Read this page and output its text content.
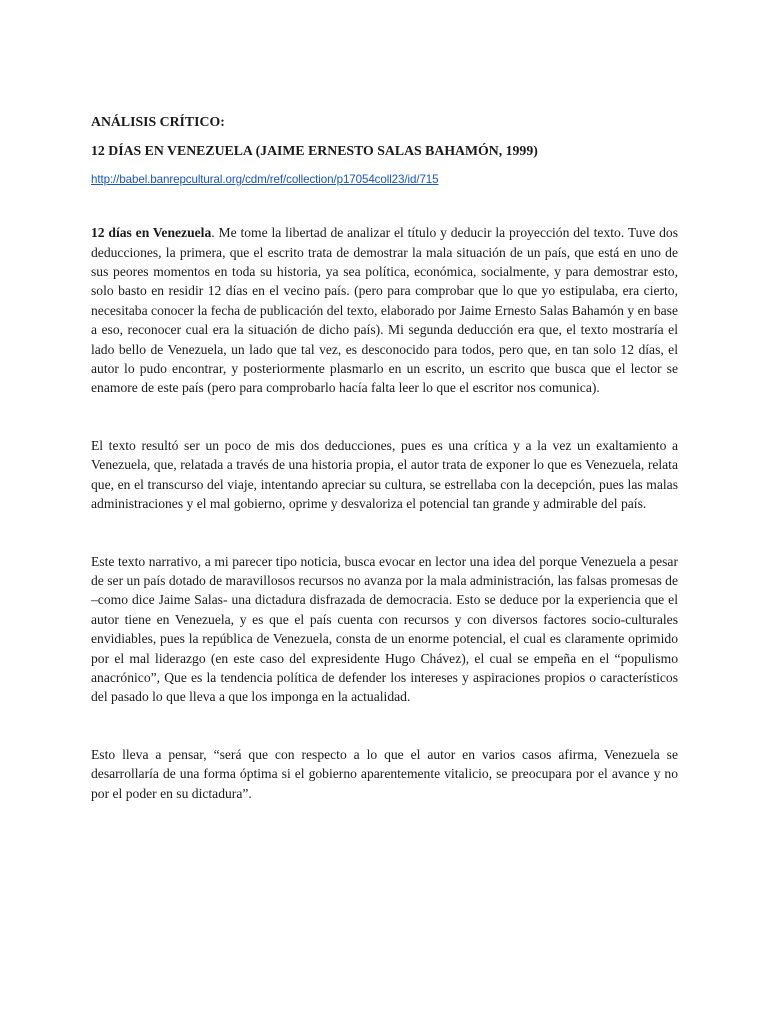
ANÁLISIS CRÍTICO:

12 DÍAS EN VENEZUELA (JAIME ERNESTO SALAS BAHAMÓN, 1999)

http://babel.banrepcultural.org/cdm/ref/collection/p17054coll23/id/715

12 días en Venezuela. Me tome la libertad de analizar el título y deducir la proyección del texto. Tuve dos deducciones, la primera, que el escrito trata de demostrar la mala situación de un país, que está en uno de sus peores momentos en toda su historia, ya sea política, económica, socialmente, y para demostrar esto, solo basto en residir 12 días en el vecino país. (pero para comprobar que lo que yo estipulaba, era cierto, necesitaba conocer la fecha de publicación del texto, elaborado por Jaime Ernesto Salas Bahamón y en base a eso, reconocer cual era la situación de dicho país). Mi segunda deducción era que, el texto mostraría el lado bello de Venezuela, un lado que tal vez, es desconocido para todos, pero que, en tan solo 12 días, el autor lo pudo encontrar, y posteriormente plasmarlo en un escrito, un escrito que busca que el lector se enamore de este país (pero para comprobarlo hacía falta leer lo que el escritor nos comunica).

El texto resultó ser un poco de mis dos deducciones, pues es una crítica y a la vez un exaltamiento a Venezuela, que, relatada a través de una historia propia, el autor trata de exponer lo que es Venezuela, relata que, en el transcurso del viaje, intentando apreciar su cultura, se estrellaba con la decepción, pues las malas administraciones y el mal gobierno, oprime y desvaloriza el potencial tan grande y admirable del país.

Este texto narrativo, a mi parecer tipo noticia, busca evocar en lector una idea del porque Venezuela a pesar de ser un país dotado de maravillosos recursos no avanza por la mala administración, las falsas promesas de –como dice Jaime Salas- una dictadura disfrazada de democracia. Esto se deduce por la experiencia que el autor tiene en Venezuela, y es que el país cuenta con recursos y con diversos factores socio-culturales envidiables, pues la república de Venezuela, consta de un enorme potencial, el cual es claramente oprimido por el mal liderazgo (en este caso del expresidente Hugo Chávez), el cual se empeña en el “populismo anacrónico”, Que es la tendencia política de defender los intereses y aspiraciones propios o característicos del pasado lo que lleva a que los imponga en la actualidad.

Esto lleva a pensar, “será que con respecto a lo que el autor en varios casos afirma, Venezuela se desarrollaría de una forma óptima si el gobierno aparentemente vitalicio, se preocupara por el avance y no por el poder en su dictadura”.
